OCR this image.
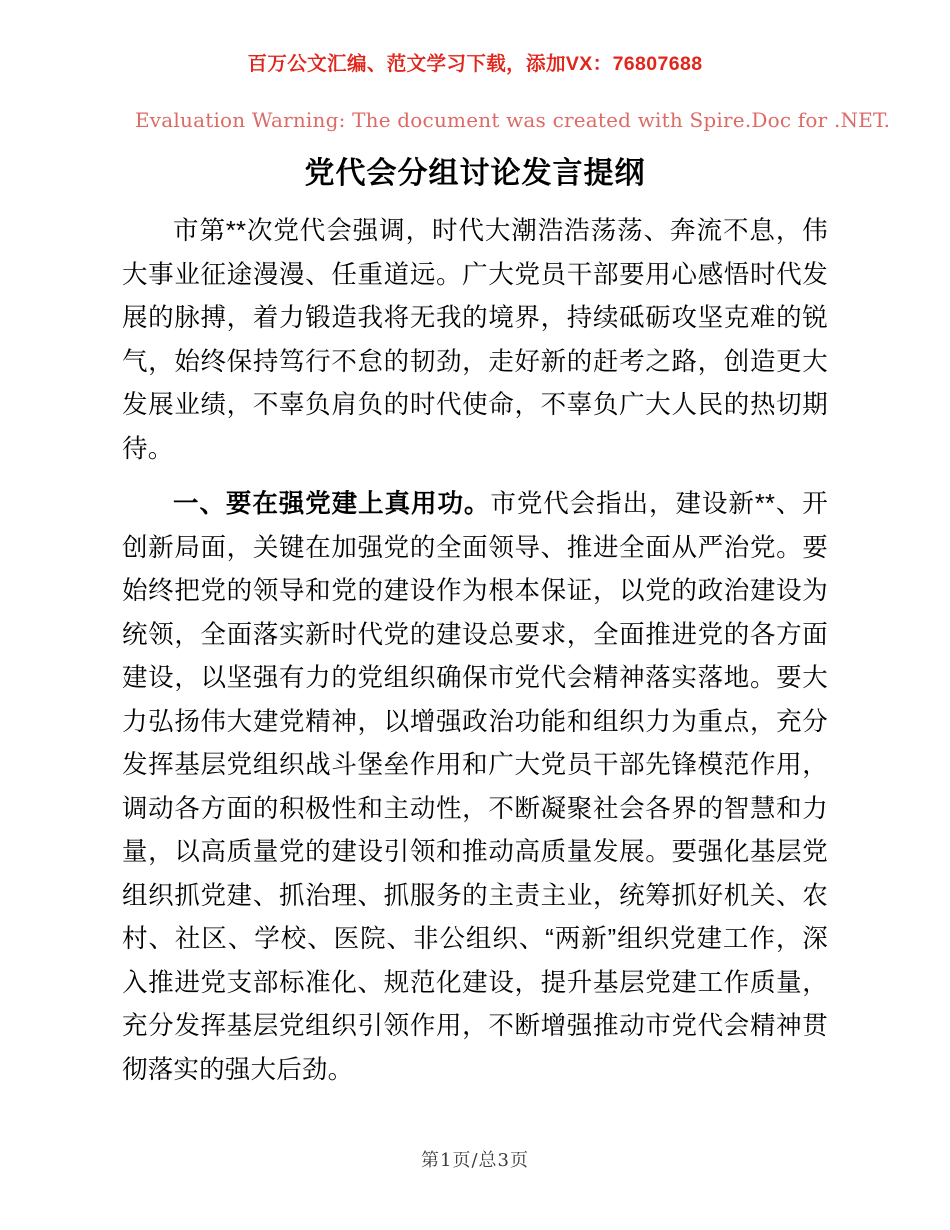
百万公文汇编、范文学习下载，添加VX：76807688
Evaluation Warning: The document was created with Spire.Doc for .NET.
党代会分组讨论发言提纲

市第**次党代会强调，时代大潮浩浩荡荡、奔流不息，伟大事业征途漫漫、任重道远。广大党员干部要用心感悟时代发展的脉搏，着力锻造我将无我的境界，持续砥砺攻坚克难的锐气，始终保持笃行不怠的韧劲，走好新的赶考之路，创造更大发展业绩，不辜负肩负的时代使命，不辜负广大人民的热切期待。

一、要在强党建上真用功。市党代会指出，建设新**、开创新局面，关键在加强党的全面领导、推进全面从严治党。要始终把党的领导和党的建设作为根本保证，以党的政治建设为统领，全面落实新时代党的建设总要求，全面推进党的各方面建设，以坚强有力的党组织确保市党代会精神落实落地。要大力弘扬伟大建党精神，以增强政治功能和组织力为重点，充分发挥基层党组织战斗堡垒作用和广大党员干部先锋模范作用，调动各方面的积极性和主动性，不断凝聚社会各界的智慧和力量，以高质量党的建设引领和推动高质量发展。要强化基层党组织抓党建、抓治理、抓服务的主责主业，统筹抓好机关、农村、社区、学校、医院、非公组织、“两新”组织党建工作，深入推进党支部标准化、规范化建设，提升基层党建工作质量，充分发挥基层党组织引领作用，不断增强推动市党代会精神贯彻落实的强大后劲。

第1页/总3页
